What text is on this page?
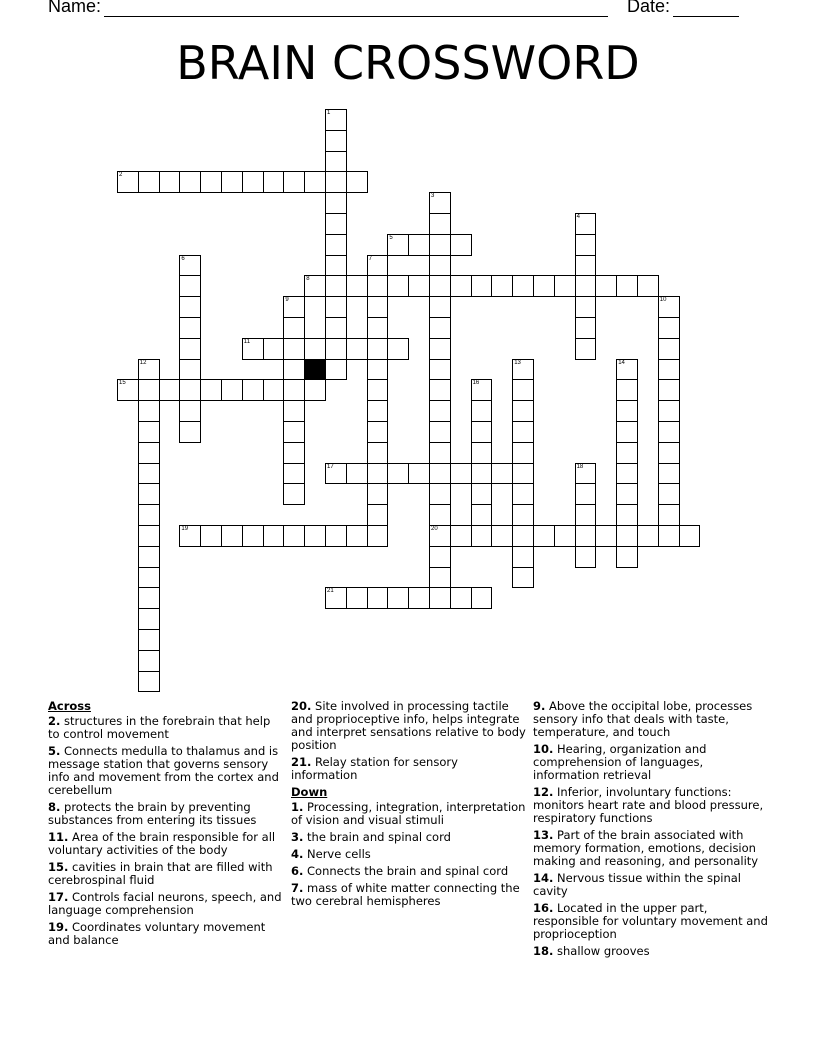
Name:	Date:
BRAIN CROSSWORD
1
2
3
20
4
5
6	7
8
9	10
11
12	13	14
15	16
17	18
19
21
Across
2. structures in the forebrain that help to control movement
5. Connects medulla to thalamus and is message station that governs sensory info and movement from the cortex and cerebellum
8. protects the brain by preventing substances from entering its tissues
11. Area of the brain responsible for all voluntary activities of the body
15. cavities in brain that are filled with cerebrospinal fluid
17. Controls facial neurons, speech, and language comprehension
19. Coordinates voluntary movement and balance
20. Site involved in processing tactile and proprioceptive info, helps integrate and interpret sensations relative to body position
21. Relay station for sensory information
Down
1. Processing, integration, interpretation of vision and visual stimuli
3. the brain and spinal cord
4. Nerve cells
6. Connects the brain and spinal cord
7. mass of white matter connecting the two cerebral hemispheres
9. Above the occipital lobe, processes sensory info that deals with taste, temperature, and touch
10. Hearing, organization and comprehension of languages, information retrieval
12. Inferior, involuntary functions: monitors heart rate and blood pressure, respiratory functions
13. Part of the brain associated with memory formation, emotions, decision making and reasoning, and personality
14. Nervous tissue within the spinal cavity
16. Located in the upper part, responsible for voluntary movement and proprioception
18. shallow grooves
